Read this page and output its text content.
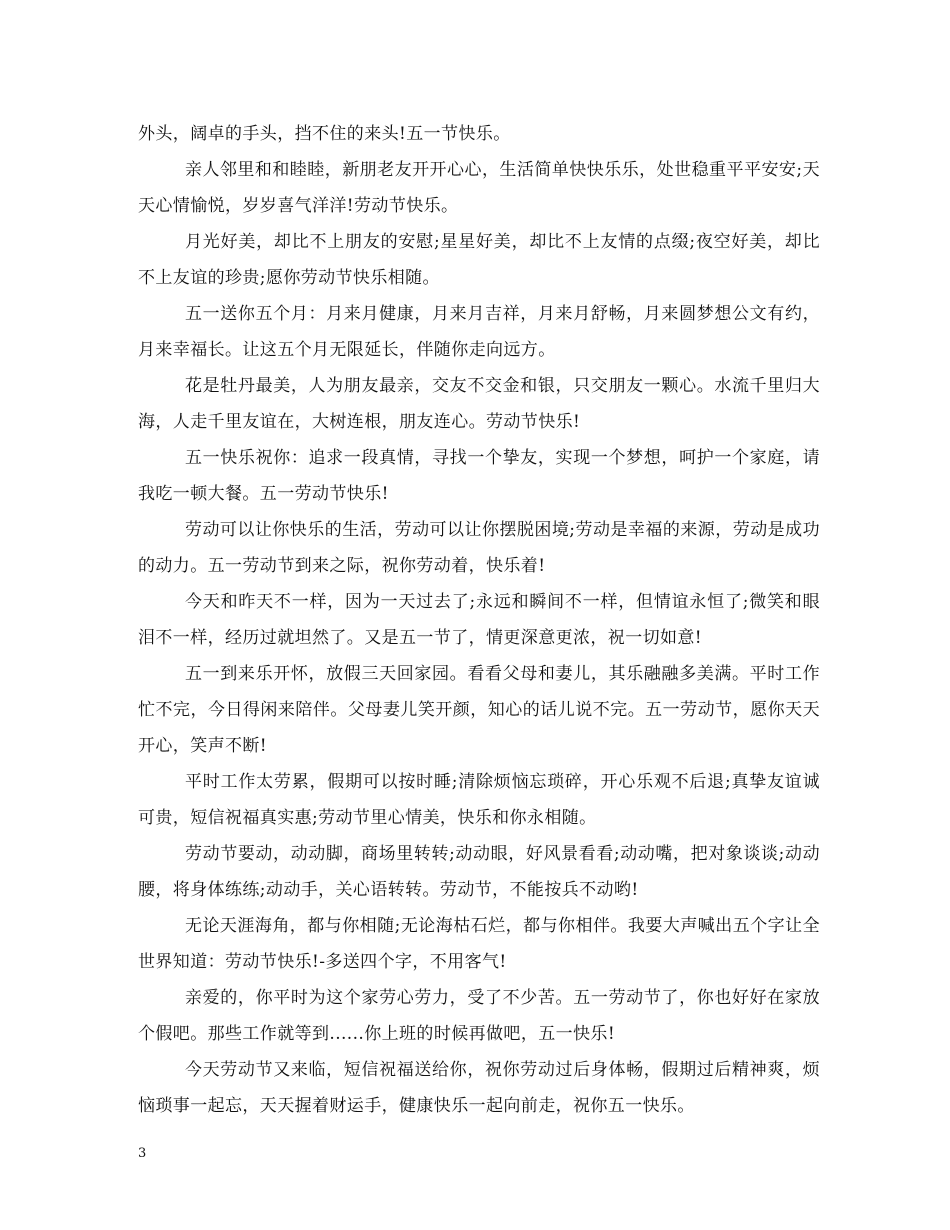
外头，阔卓的手头，挡不住的来头!五一节快乐。

亲人邻里和和睦睦，新朋老友开开心心，生活简单快快乐乐，处世稳重平平安安;天天心情愉悦，岁岁喜气洋洋!劳动节快乐。

月光好美，却比不上朋友的安慰;星星好美，却比不上友情的点缀;夜空好美，却比不上友谊的珍贵;愿你劳动节快乐相随。

五一送你五个月：月来月健康，月来月吉祥，月来月舒畅，月来圆梦想公文有约，月来幸福长。让这五个月无限延长，伴随你走向远方。

花是牡丹最美，人为朋友最亲，交友不交金和银，只交朋友一颗心。水流千里归大海，人走千里友谊在，大树连根，朋友连心。劳动节快乐!

五一快乐祝你：追求一段真情，寻找一个挚友，实现一个梦想，呵护一个家庭，请我吃一顿大餐。五一劳动节快乐!

劳动可以让你快乐的生活，劳动可以让你摆脱困境;劳动是幸福的来源，劳动是成功的动力。五一劳动节到来之际，祝你劳动着，快乐着!

今天和昨天不一样，因为一天过去了;永远和瞬间不一样，但情谊永恒了;微笑和眼泪不一样，经历过就坦然了。又是五一节了，情更深意更浓，祝一切如意!

五一到来乐开怀，放假三天回家园。看看父母和妻儿，其乐融融多美满。平时工作忙不完，今日得闲来陪伴。父母妻儿笑开颜，知心的话儿说不完。五一劳动节，愿你天天开心，笑声不断!

平时工作太劳累，假期可以按时睡;清除烦恼忘琐碎，开心乐观不后退;真挚友谊诚可贵，短信祝福真实惠;劳动节里心情美，快乐和你永相随。

劳动节要动，动动脚，商场里转转;动动眼，好风景看看;动动嘴，把对象谈谈;动动腰，将身体练练;动动手，关心语转转。劳动节，不能按兵不动哟!

无论天涯海角，都与你相随;无论海枯石烂，都与你相伴。我要大声喊出五个字让全世界知道：劳动节快乐!-多送四个字，不用客气!

亲爱的，你平时为这个家劳心劳力，受了不少苦。五一劳动节了，你也好好在家放个假吧。那些工作就等到......你上班的时候再做吧，五一快乐!

今天劳动节又来临，短信祝福送给你，祝你劳动过后身体畅，假期过后精神爽，烦恼琐事一起忘，天天握着财运手，健康快乐一起向前走，祝你五一快乐。

3
